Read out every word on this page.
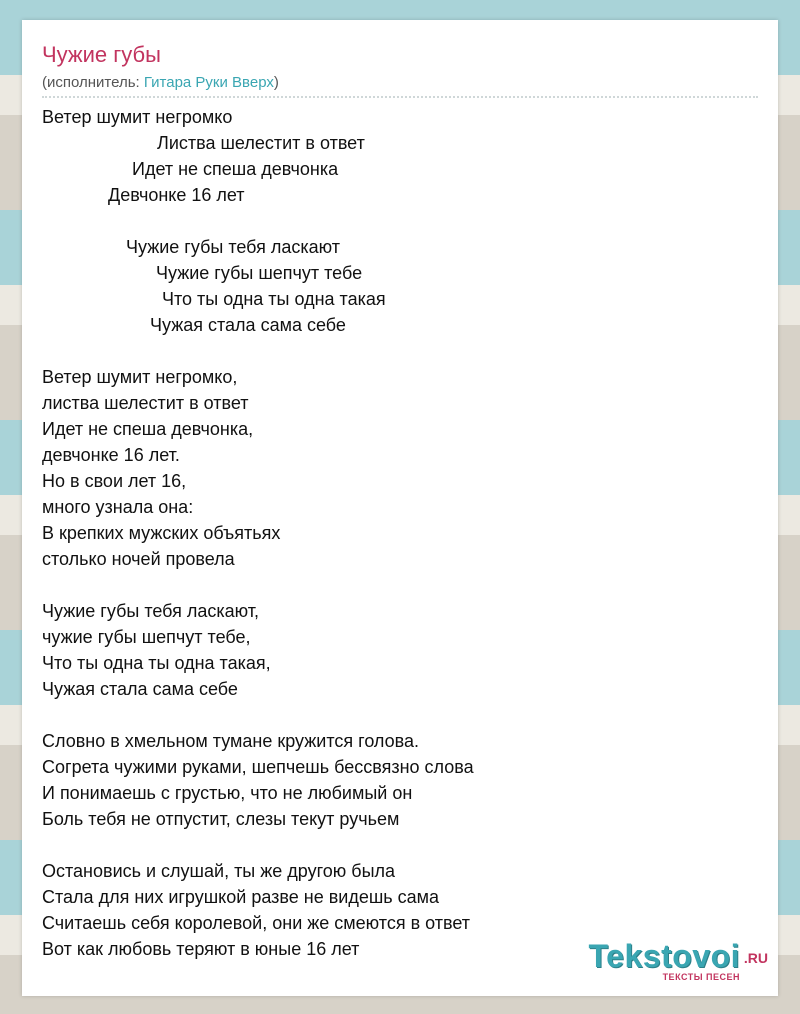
Чужие губы
(исполнитель: Гитара Руки Вверх)
Ветер шумит негромко
Листва шелестит в ответ
Идет не спеша девчонка
Девчонке 16 лет
Чужие губы тебя ласкают
Чужие губы шепчут тебе
Что ты одна ты одна такая
Чужая стала сама себе
Ветер шумит негромко,
листва шелестит в ответ
Идет не спеша девчонка,
девчонке 16 лет.
Но в свои лет 16,
много узнала она:
В крепких мужских объятьях
столько ночей провела
Чужие губы тебя ласкают,
чужие губы шепчут тебе,
Что ты одна ты одна такая,
Чужая стала сама себе
Словно в хмельном тумане кружится голова.
Согрета чужими руками, шепчешь бессвязно слова
И понимаешь с грустью, что не любимый он
Боль тебя не отпустит, слезы текут ручьем
Остановись и слушай, ты же другою была
Стала для них игрушкой разве не видешь сама
Считаешь себя королевой, они же смеются в ответ
Вот как любовь теряют в юные 16 лет	Tekstovoi .RU
ТЕКСТЫ ПЕСЕН
